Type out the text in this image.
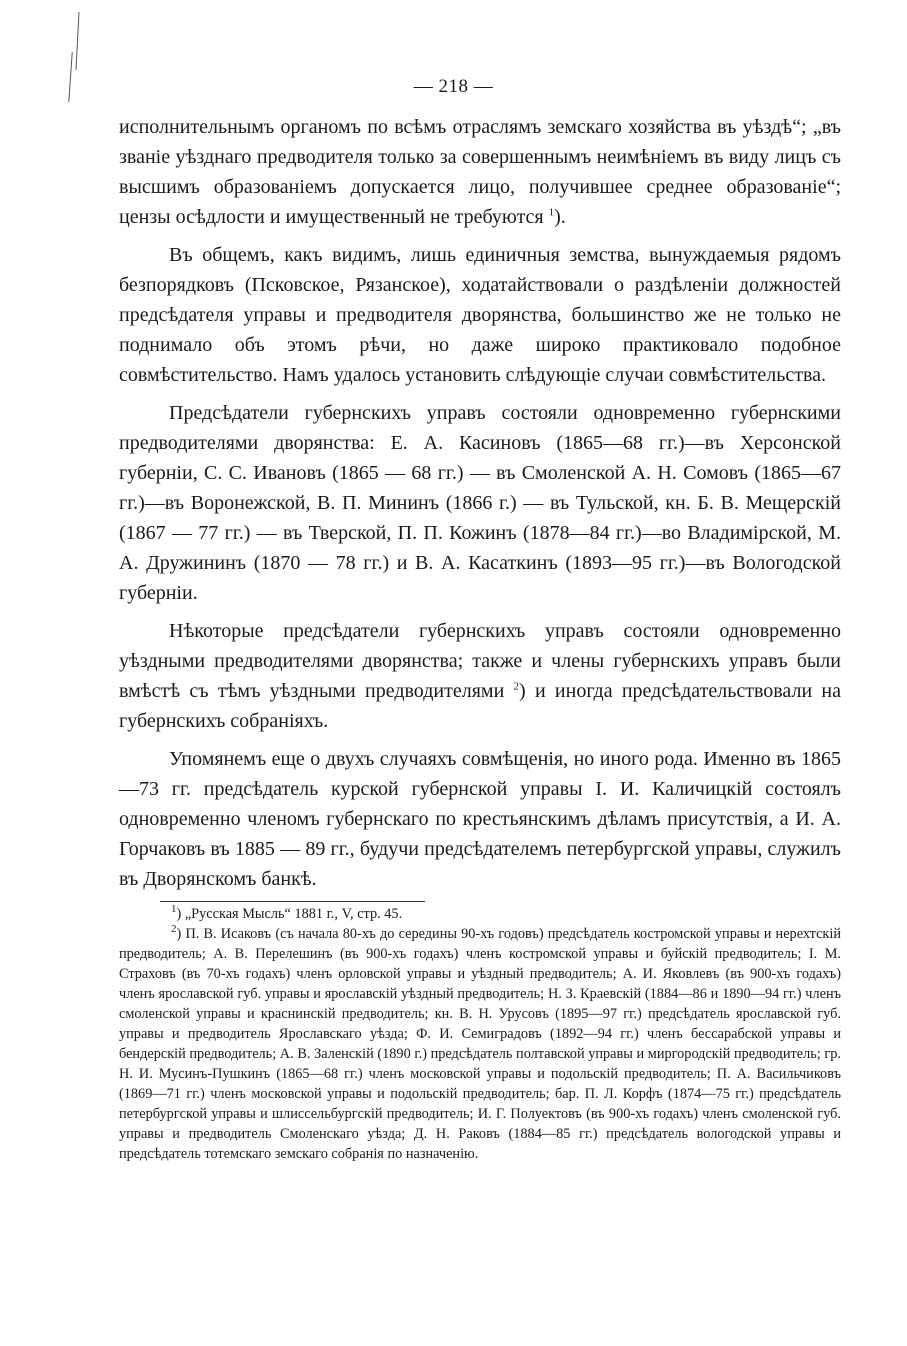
— 218 —

исполнительнымъ органомъ по всѣмъ отраслямъ земскаго хозяйства въ уѣздѣ“; „въ званіе уѣзднаго предводителя только за совершеннымъ неимѣніемъ въ виду лицъ съ высшимъ образованіемъ допускается лицо, получившее среднее образованіе“; цензы осѣдлости и имущественный не требуются $^1$).

Въ общемъ, какъ видимъ, лишь единичныя земства, вынуждаемыя рядомъ безпорядковъ (Псковское, Рязанское), ходатайствовали о раздѣленіи должностей предсѣдателя управы и предводителя дворянства, большинство же не только не поднимало объ этомъ рѣчи, но даже широко практиковало подобное совмѣстительство. Намъ удалось установить слѣдующіе случаи совмѣстительства.

Предсѣдатели губернскихъ управъ состояли одновременно губернскими предводителями дворянства: Е. А. Касиновъ (1865—68 гг.)—въ Херсонской губерніи, С. С. Ивановъ (1865 — 68 гг.) — въ Смоленской А. Н. Сомовъ (1865—67 гг.)—въ Воронежской, В. П. Мининъ (1866 г.) — въ Тульской, кн. Б. В. Мещерскій (1867 — 77 гг.) — въ Тверской, П. П. Кожинъ (1878—84 гг.)—во Владимірской, М. А. Дружининъ (1870 — 78 гг.) и В. А. Касаткинъ (1893—95 гг.)—въ Вологодской губерніи.

Нѣкоторые предсѣдатели губернскихъ управъ состояли одновременно уѣздными предводителями дворянства; также и члены губернскихъ управъ были вмѣстѣ съ тѣмъ уѣздными предводителями $^2$) и иногда предсѣдательствовали на губернскихъ собраніяхъ.

Упомянемъ еще о двухъ случаяхъ совмѣщенія, но иного рода. Именно въ 1865—73 гг. предсѣдатель курской губернской управы І. И. Каличицкій состоялъ одновременно членомъ губернскаго по крестьянскимъ дѣламъ присутствія, а И. А. Горчаковъ въ 1885 — 89 гг., будучи предсѣдателемъ петербургской управы, служилъ въ Дворянскомъ банкѣ.

$^1$) „Русская Мысль“ 1881 г., V, стр. 45.

$^2$) П. В. Исаковъ (съ начала 80-хъ до середины 90-хъ годовъ) предсѣдатель костромской управы и нерехтскій предводитель; А. В. Перелешинъ (въ 900-хъ годахъ) членъ костромской управы и буйскій предводитель; І. М. Страховъ (въ 70-хъ годахъ) членъ орловской управы и уѣздный предводитель; А. И. Яковлевъ (въ 900-хъ годахъ) членъ ярославской губ. управы и ярославскій уѣздный предводитель; Н. З. Краевскій (1884—86 и 1890—94 гг.) членъ смоленской управы и краснинскій предводитель; кн. В. Н. Урусовъ (1895—97 гг.) предсѣдатель ярославской губ. управы и предводитель Ярославскаго уѣзда; Ф. И. Семиградовъ (1892—94 гг.) членъ бессарабской управы и бендерскій предводитель; А. В. Заленскій (1890 г.) предсѣдатель полтавской управы и миргородскій предводитель; гр. Н. И. Мусинъ-Пушкинъ (1865—68 гг.) членъ московской управы и подольскій предводитель; П. А. Васильчиковъ (1869—71 гг.) членъ московской управы и подольскій предводитель; бар. П. Л. Корфъ (1874—75 гг.) предсѣдатель петербургской управы и шлиссельбургскій предводитель; И. Г. Полуектовъ (въ 900-хъ годахъ) членъ смоленской губ. управы и предводитель Смоленскаго уѣзда; Д. Н. Раковъ (1884—85 гг.) предсѣдатель вологодской управы и предсѣдатель тотемскаго земскаго собранія по назначенію.
